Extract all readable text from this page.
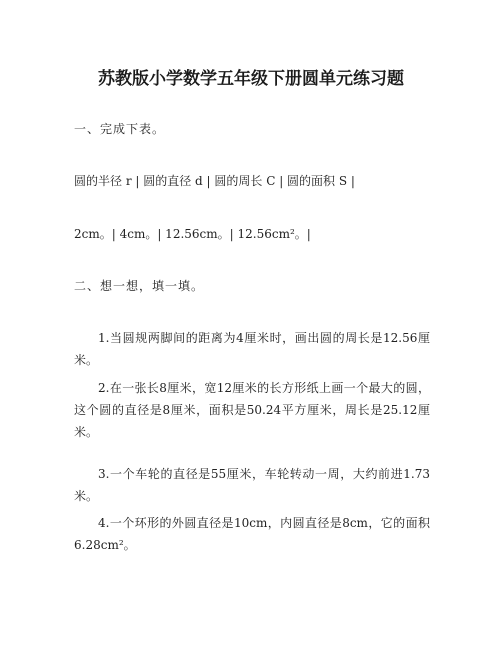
苏教版小学数学五年级下册圆单元练习题
一、完成下表。
圆的半径 r | 圆的直径 d | 圆的周长 C | 圆的面积 S |
2cm。| 4cm。| 12.56cm。| 12.56cm²。|
二、想一想，填一填。
1.当圆规两脚间的距离为4厘米时，画出圆的周长是12.56厘米。
2.在一张长8厘米，宽12厘米的长方形纸上画一个最大的圆，这个圆的直径是8厘米，面积是50.24平方厘米，周长是25.12厘米。
3.一个车轮的直径是55厘米，车轮转动一周，大约前进1.73米。
4.一个环形的外圆直径是10cm，内圆直径是8cm，它的面积6.28cm²。
